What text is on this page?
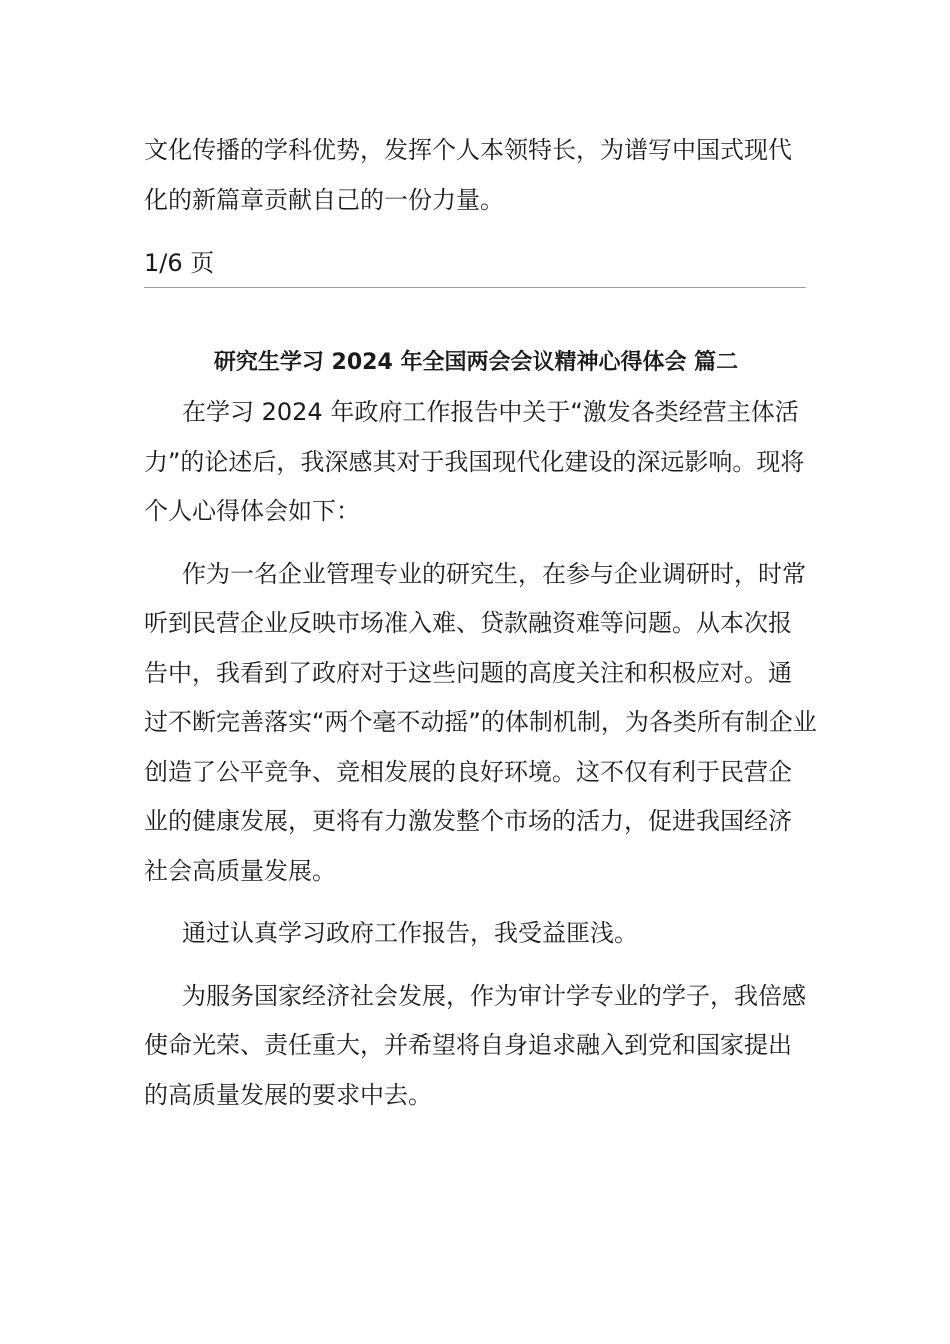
文化传播的学科优势，发挥个人本领特长，为谱写中国式现代

化的新篇章贡献自己的一份力量。

1/6 页

研究生学习 2024 年全国两会会议精神心得体会 篇二

在学习 2024 年政府工作报告中关于“激发各类经营主体活

力”的论述后，我深感其对于我国现代化建设的深远影响。现将

个人心得体会如下：

作为一名企业管理专业的研究生，在参与企业调研时，时常

听到民营企业反映市场准入难、贷款融资难等问题。从本次报

告中，我看到了政府对于这些问题的高度关注和积极应对。通

过不断完善落实“两个毫不动摇”的体制机制，为各类所有制企业

创造了公平竞争、竞相发展的良好环境。这不仅有利于民营企

业的健康发展，更将有力激发整个市场的活力，促进我国经济

社会高质量发展。

通过认真学习政府工作报告，我受益匪浅。

为服务国家经济社会发展，作为审计学专业的学子，我倍感

使命光荣、责任重大，并希望将自身追求融入到党和国家提出

的高质量发展的要求中去。
